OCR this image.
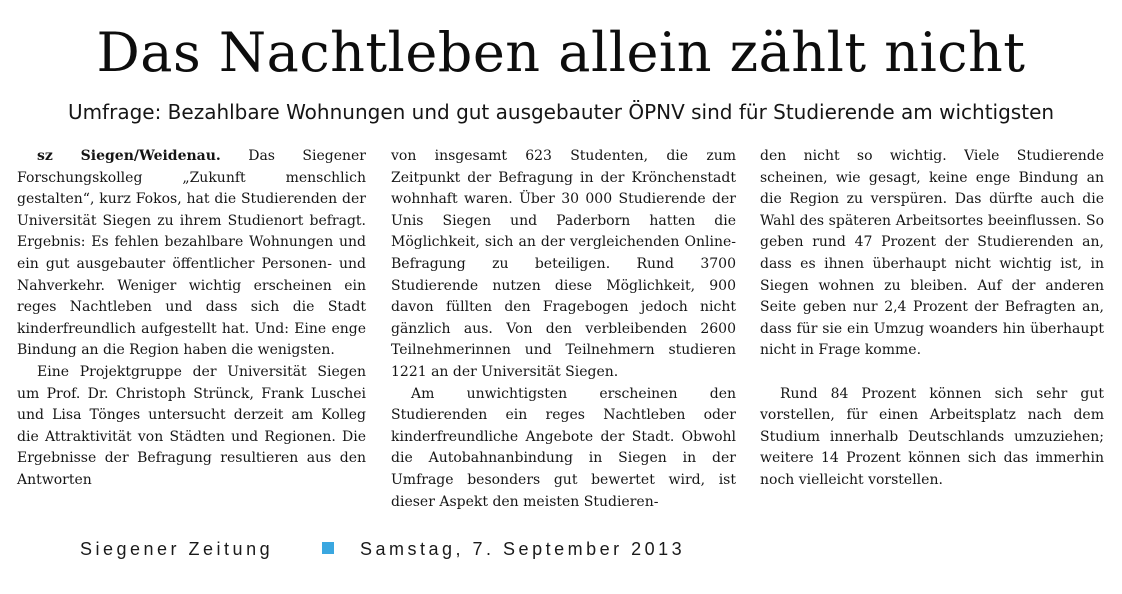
Das Nachtleben allein zählt nicht
Umfrage: Bezahlbare Wohnungen und gut ausgebauter ÖPNV sind für Studierende am wichtigsten

sz Siegen/Weidenau. Das Siegener Forschungskolleg „Zukunft menschlich gestalten“, kurz Fokos, hat die Studierenden der Universität Siegen zu ihrem Studienort befragt. Ergebnis: Es fehlen bezahlbare Wohnungen und ein gut ausgebauter öffentlicher Personen- und Nahverkehr. Weniger wichtig erscheinen ein reges Nachtleben und dass sich die Stadt kinderfreundlich aufgestellt hat. Und: Eine enge Bindung an die Region haben die wenigsten.

Eine Projektgruppe der Universität Siegen um Prof. Dr. Christoph Strünck, Frank Luschei und Lisa Tönges untersucht derzeit am Kolleg die Attraktivität von Städten und Regionen. Die Ergebnisse der Befragung resultieren aus den Antworten

von insgesamt 623 Studenten, die zum Zeitpunkt der Befragung in der Krönchenstadt wohnhaft waren. Über 30 000 Studierende der Unis Siegen und Paderborn hatten die Möglichkeit, sich an der vergleichenden Online-Befragung zu beteiligen. Rund 3700 Studierende nutzen diese Möglichkeit, 900 davon füllten den Fragebogen jedoch nicht gänzlich aus. Von den verbleibenden 2600 Teilnehmerinnen und Teilnehmern studieren 1221 an der Universität Siegen.

Am unwichtigsten erscheinen den Studierenden ein reges Nachtleben oder kinderfreundliche Angebote der Stadt. Obwohl die Autobahnanbindung in Siegen in der Umfrage besonders gut bewertet wird, ist dieser Aspekt den meisten Studieren-

den nicht so wichtig. Viele Studierende scheinen, wie gesagt, keine enge Bindung an die Region zu verspüren. Das dürfte auch die Wahl des späteren Arbeitsortes beeinflussen. So geben rund 47 Prozent der Studierenden an, dass es ihnen überhaupt nicht wichtig ist, in Siegen wohnen zu bleiben. Auf der anderen Seite geben nur 2,4 Prozent der Befragten an, dass für sie ein Umzug woanders hin überhaupt nicht in Frage komme.

Rund 84 Prozent können sich sehr gut vorstellen, für einen Arbeitsplatz nach dem Studium innerhalb Deutschlands umzuziehen; weitere 14 Prozent können sich das immerhin noch vielleicht vorstellen.

Siegener Zeitung	Samstag, 7. September 2013
